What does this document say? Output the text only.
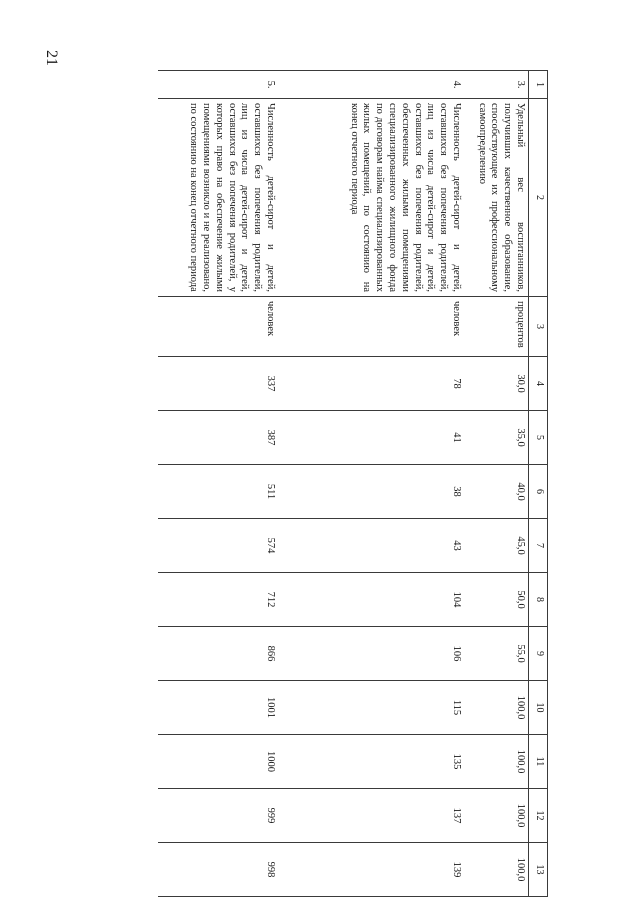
21
1	2	3	4	5	6	7	8	9	10	11	12	13
3.	Удельный вес воспитанников, получивших качественное образование, способствующее их профессиональному самоопределению	процентов	30,0	35,0	40,0	45,0	50,0	55,0	100,0	100,0	100,0	100,0
4.	Численность детей-сирот и детей, оставшихся без попечения родителей, лиц из числа детей-сирот и детей, оставшихся без попечения родителей, обеспеченных жилыми помещениями специализированного жилищного фонда по договорам найма специализированных жилых помещений, по состоянию на конец отчетного периода	человек	78	41	38	43	104	106	115	135	137	139
5.	Численность детей-сирот и детей, оставшихся без попечения родителей, лиц из числа детей-сирот и детей, оставшихся без попечения родителей, у которых право на обеспечение жилыми помещениями возникло и не реализовано, по состоянию на конец отчетного периода	человек	337	387	511	574	712	866	1001	1000	999	998
